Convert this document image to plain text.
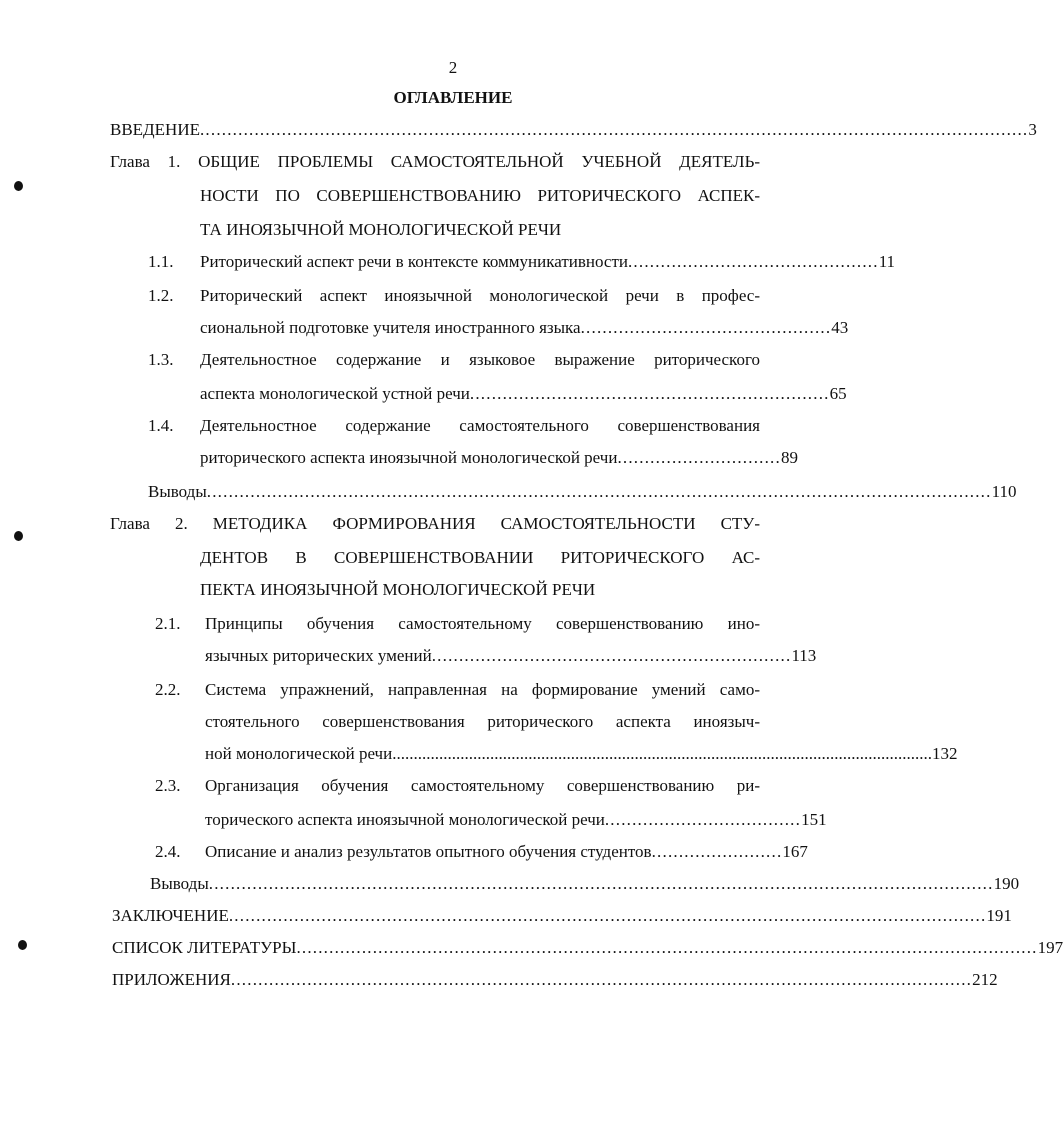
2
ОГЛАВЛЕНИЕ
ВВЕДЕНИЕ ........................................................................................................................................................ 3
Глава 1. ОБЩИЕ ПРОБЛЕМЫ САМОСТОЯТЕЛЬНОЙ УЧЕБНОЙ ДЕЯТЕЛЬ-
НОСТИ ПО СОВЕРШЕНСТВОВАНИЮ РИТОРИЧЕСКОГО АСПЕК-
ТА ИНОЯЗЫЧНОЙ МОНОЛОГИЧЕСКОЙ РЕЧИ
1.1. Риторический аспект речи в контексте коммуникативности .............................................. 11
1.2. Риторический аспект иноязычной монологической речи в профес-
сиональной подготовке учителя иностранного языка .............................................. 43
1.3. Деятельностное содержание и языковое выражение риторического
аспекта монологической устной речи .................................................................. 65
1.4. Деятельностное содержание самостоятельного совершенствования
риторического аспекта иноязычной монологической речи .............................. 89
Выводы ................................................................................................................................................ 110
Глава 2. МЕТОДИКА ФОРМИРОВАНИЯ САМОСТОЯТЕЛЬНОСТИ СТУ-
ДЕНТОВ В СОВЕРШЕНСТВОВАНИИ РИТОРИЧЕСКОГО АС-
ПЕКТА ИНОЯЗЫЧНОЙ МОНОЛОГИЧЕСКОЙ РЕЧИ
2.1. Принципы обучения самостоятельному совершенствованию ино-
язычных риторических умений .................................................................. 113
2.2. Система упражнений, направленная на формирование умений само-
стоятельного совершенствования риторического аспекта иноязыч-
ной монологической речи ............................................................................................................................... 132
2.3. Организация обучения самостоятельному совершенствованию ри-
торического аспекта иноязычной монологической речи .................................... 151
2.4. Описание и анализ результатов опытного обучения студентов ........................ 167
Выводы ................................................................................................................................................ 190
ЗАКЛЮЧЕНИЕ ........................................................................................................................................... 191
СПИСОК ЛИТЕРАТУРЫ ........................................................................................................................................ 197
ПРИЛОЖЕНИЯ ........................................................................................................................................ 212
